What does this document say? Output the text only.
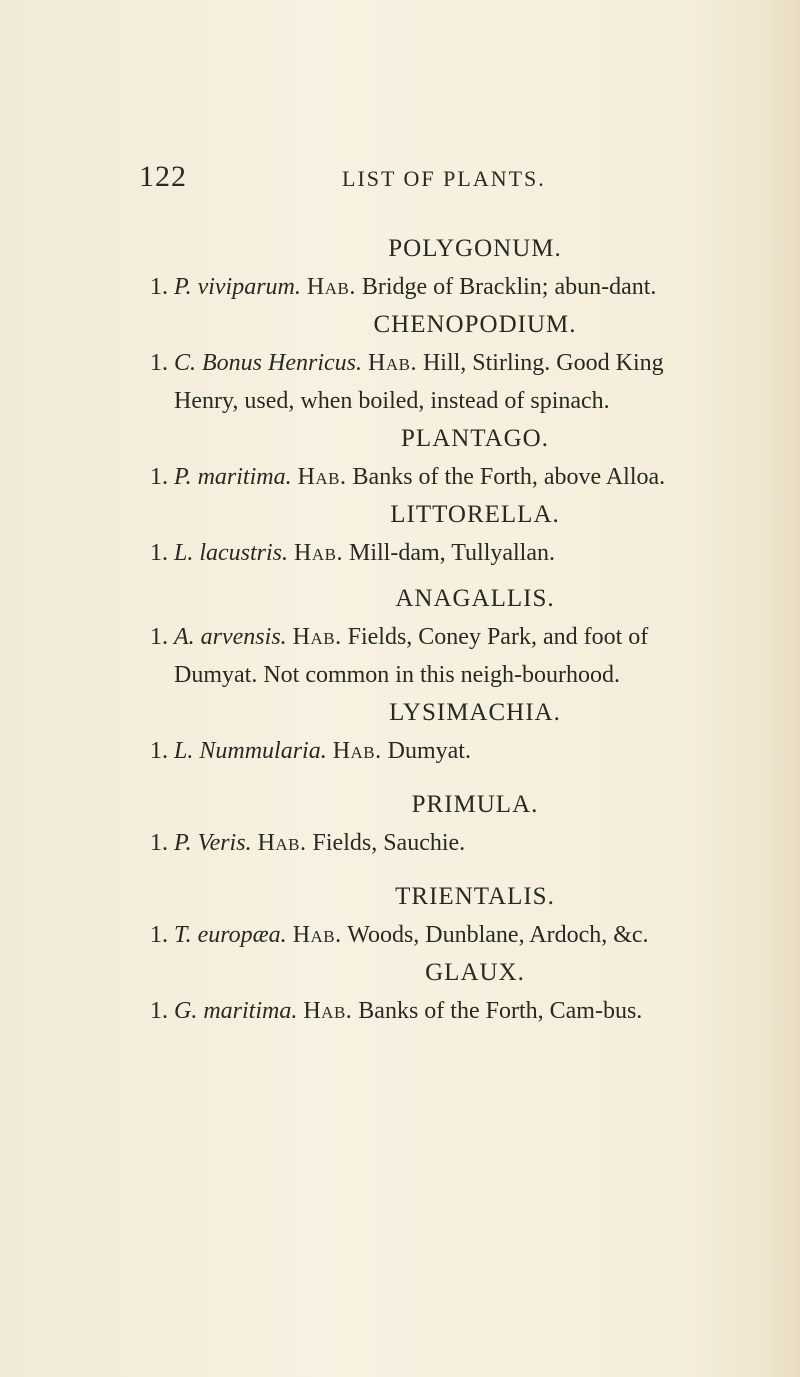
122	LIST OF PLANTS.

POLYGONUM.

1. P. viviparum. Hab. Bridge of Bracklin; abun-dant.

CHENOPODIUM.

1. C. Bonus Henricus. Hab. Hill, Stirling. Good King Henry, used, when boiled, instead of spinach.

PLANTAGO.

1. P. maritima. Hab. Banks of the Forth, above Alloa.

LITTORELLA.

1. L. lacustris. Hab. Mill-dam, Tullyallan.

ANAGALLIS.

1. A. arvensis. Hab. Fields, Coney Park, and foot of Dumyat. Not common in this neigh-bourhood.

LYSIMACHIA.

1. L. Nummularia. Hab. Dumyat.

PRIMULA.

1. P. Veris. Hab. Fields, Sauchie.

TRIENTALIS.

1. T. europæa. Hab. Woods, Dunblane, Ardoch, &c.

GLAUX.

1. G. maritima. Hab. Banks of the Forth, Cam-bus.
